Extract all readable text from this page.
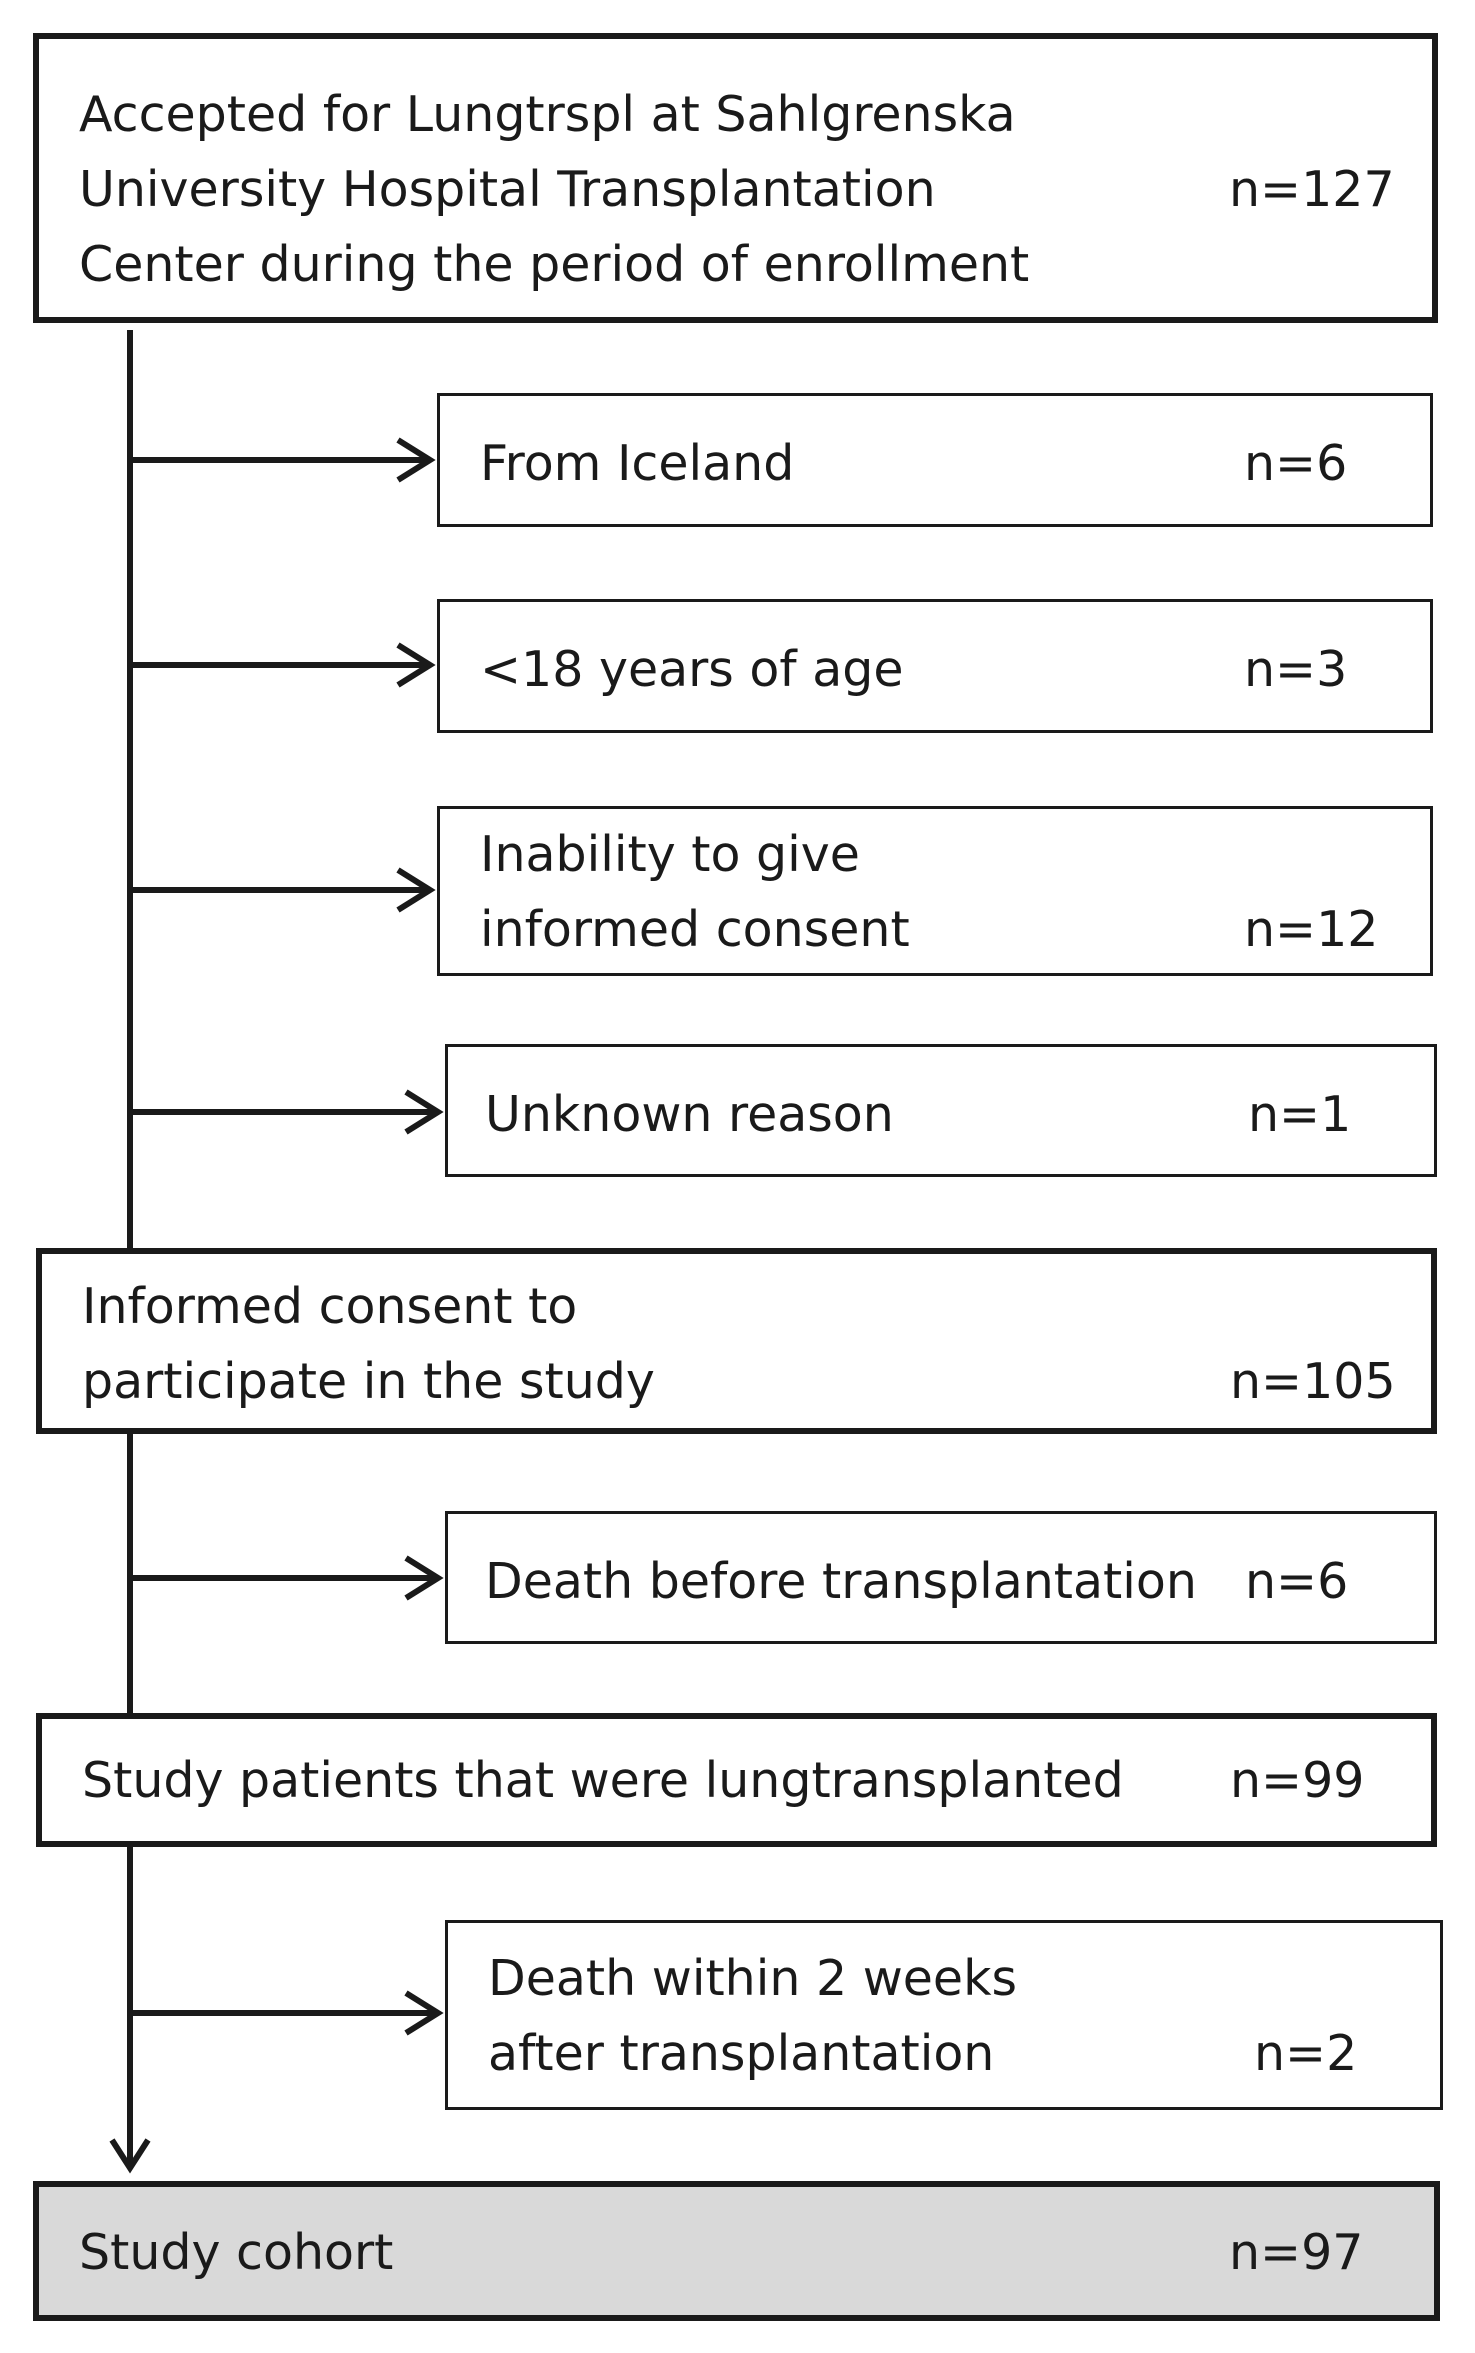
Accepted for Lungtrspl at Sahlgrenska
University Hospital Transplantation
Center during the period of enrollment
n=127
From Iceland	n=6
<18 years of age	n=3
Inability to give
informed consent	n=12
Unknown reason	n=1
Informed consent to
participate in the study	n=105
Death before transplantation n=6
Study patients that were lungtransplanted n=99
Death within 2 weeks
after transplantation	n=2
Study cohort	n=97
